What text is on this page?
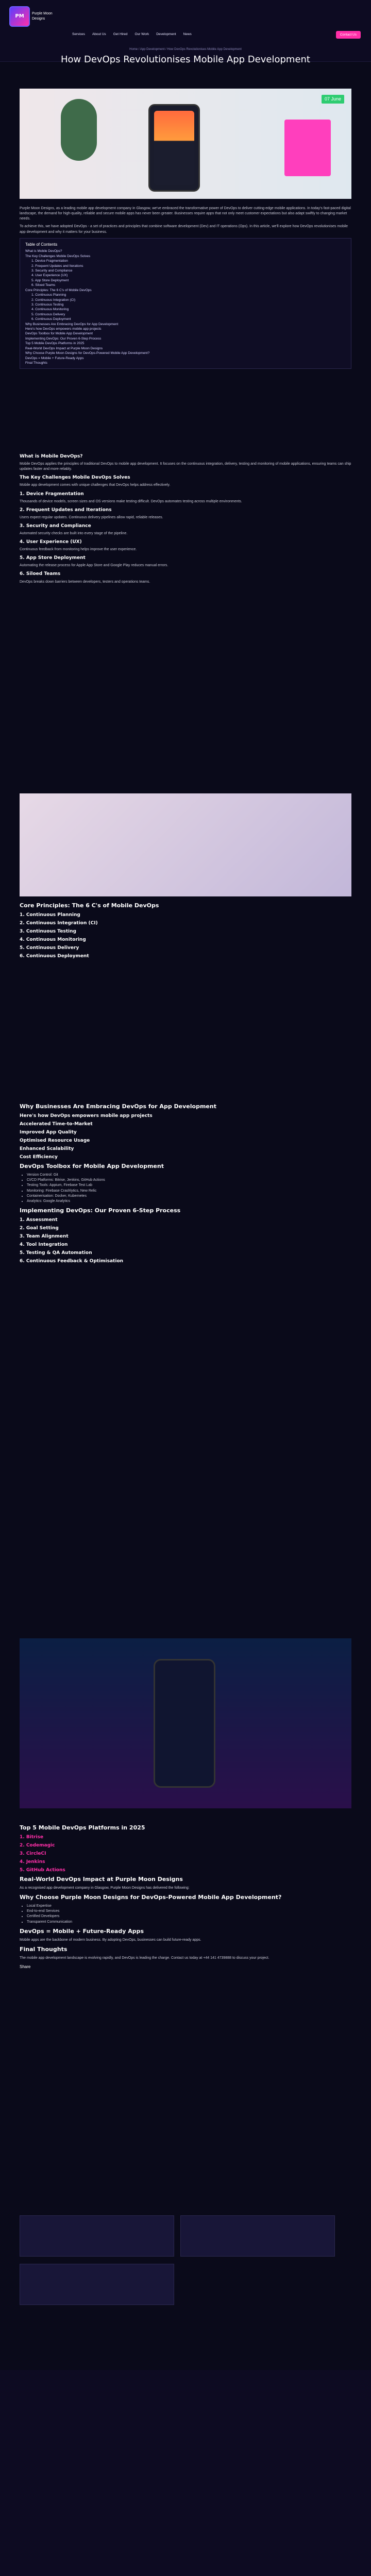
PM	Purple Moon Designs
Services About Us Get Hired Our Work Development News	Contact Us
Home / App Development / How DevOps Revolutionises Mobile App Development
How DevOps Revolutionises Mobile App Development
07 June

Purple Moon Designs, as a leading mobile app development company in Glasgow, we've embraced the transformative power of DevOps to deliver cutting-edge mobile applications. In today's fast-paced digital landscape, the demand for high-quality, reliable and secure mobile apps has never been greater. Businesses require apps that not only meet customer expectations but also adapt swiftly to changing market needs.

To achieve this, we have adopted DevOps - a set of practices and principles that combine software development (Dev) and IT operations (Ops). In this article, we'll explore how DevOps revolutionises mobile app development and why it matters for your business.

Table of Contents
What is Mobile DevOps?
The Key Challenges Mobile DevOps Solves
1. Device Fragmentation
2. Frequent Updates and Iterations
3. Security and Compliance
4. User Experience (UX)
5. App Store Deployment
6. Siloed Teams
Core Principles: The 6 C's of Mobile DevOps
1. Continuous Planning
2. Continuous Integration (CI)
3. Continuous Testing
4. Continuous Monitoring
5. Continuous Delivery
6. Continuous Deployment
Why Businesses Are Embracing DevOps for App Development
Here's how DevOps empowers mobile app projects
DevOps Toolbox for Mobile App Development
Implementing DevOps: Our Proven 6-Step Process
Top 5 Mobile DevOps Platforms in 2025
Real-World DevOps Impact at Purple Moon Designs
Why Choose Purple Moon Designs for DevOps-Powered Mobile App Development?
DevOps = Mobile + Future-Ready Apps
Final Thoughts
What is Mobile DevOps?

Mobile DevOps applies the principles of traditional DevOps to mobile app development. It focuses on the continuous integration, delivery, testing and monitoring of mobile applications, ensuring teams can ship updates faster and more reliably.

The Key Challenges Mobile DevOps Solves

Mobile app development comes with unique challenges that DevOps helps address effectively.

1. Device Fragmentation

Thousands of device models, screen sizes and OS versions make testing difficult. DevOps automates testing across multiple environments.

2. Frequent Updates and Iterations

Users expect regular updates. Continuous delivery pipelines allow rapid, reliable releases.

3. Security and Compliance

Automated security checks are built into every stage of the pipeline.

4. User Experience (UX)

Continuous feedback from monitoring helps improve the user experience.

5. App Store Deployment

Automating the release process for Apple App Store and Google Play reduces manual errors.

6. Siloed Teams

DevOps breaks down barriers between developers, testers and operations teams.

Core Principles: The 6 C's of Mobile DevOps
1. Continuous Planning
2. Continuous Integration (CI)
3. Continuous Testing
4. Continuous Monitoring
5. Continuous Delivery
6. Continuous Deployment
Why Businesses Are Embracing DevOps for App Development
Here's how DevOps empowers mobile app projects
Accelerated Time-to-Market
Improved App Quality
Optimised Resource Usage
Enhanced Scalability
Cost Efficiency
DevOps Toolbox for Mobile App Development
• Version Control: Git
• CI/CD Platforms: Bitrise, Jenkins, GitHub Actions
• Testing Tools: Appium, Firebase Test Lab
• Monitoring: Firebase Crashlytics, New Relic
• Containerisation: Docker, Kubernetes
• Analytics: Google Analytics
Implementing DevOps: Our Proven 6-Step Process
1. Assessment
2. Goal Setting
3. Team Alignment
4. Tool Integration
5. Testing & QA Automation
6. Continuous Feedback & Optimisation
Top 5 Mobile DevOps Platforms in 2025
1. Bitrise
2. Codemagic
3. CircleCI
4. Jenkins
5. GitHub Actions
Real-World DevOps Impact at Purple Moon Designs

As a recognised app development company in Glasgow, Purple Moon Designs has delivered the following:

Why Choose Purple Moon Designs for DevOps-Powered Mobile App Development?
• Local Expertise
• End-to-end Services
• Certified Developers
• Transparent Communication
DevOps = Mobile + Future-Ready Apps

Mobile apps are the backbone of modern business. By adopting DevOps, businesses can build future-ready apps.

Final Thoughts

The mobile app development landscape is evolving rapidly, and DevOps is leading the charge. Contact us today at +44 141 4739888 to discuss your project.

Share
